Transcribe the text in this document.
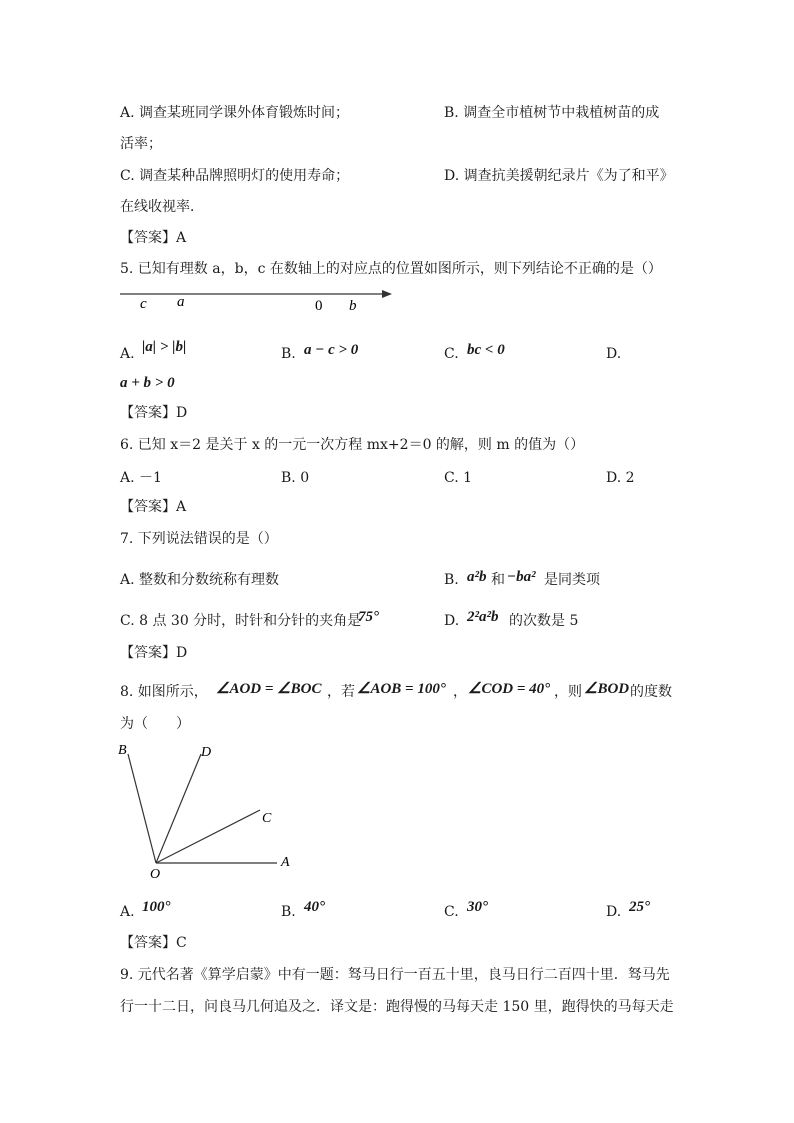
A. 调查某班同学课外体育锻炼时间；	B. 调查全市植树节中栽植树苗的成
活率；
C. 调查某种品牌照明灯的使用寿命；	D. 调查抗美援朝纪录片《为了和平》
在线收视率．
【答案】A
5. 已知有理数 a，b，c 在数轴上的对应点的位置如图所示，则下列结论不正确的是（）
c a	0 b
A. |a| > |b|	B. a − c > 0	C. bc < 0	D.
a + b > 0
【答案】D
6. 已知 x＝2 是关于 x 的一元一次方程 mx+2＝0 的解，则 m 的值为（）
A. －1	B. 0	C. 1	D. 2
【答案】A
7. 下列说法错误的是（）
A. 整数和分数统称有理数	B. a²b 和 −ba² 是同类项
C. 8 点 30 分时，时针和分针的夹角是
75°	D. 2²a²b 的次数是 5
【答案】D
8. 如图所示， ∠AOD = ∠BOC ，若 ∠AOB = 100° ， ∠COD = 40° ，则 ∠BOD 的度数
为（　　）
B	D
C
A
O
A. 100°	B. 40°	C. 30°	D. 25°
【答案】C
9. 元代名著《算学启蒙》中有一题：驽马日行一百五十里，良马日行二百四十里．驽马先
行一十二日，问良马几何追及之．译文是：跑得慢的马每天走 150 里，跑得快的马每天走
